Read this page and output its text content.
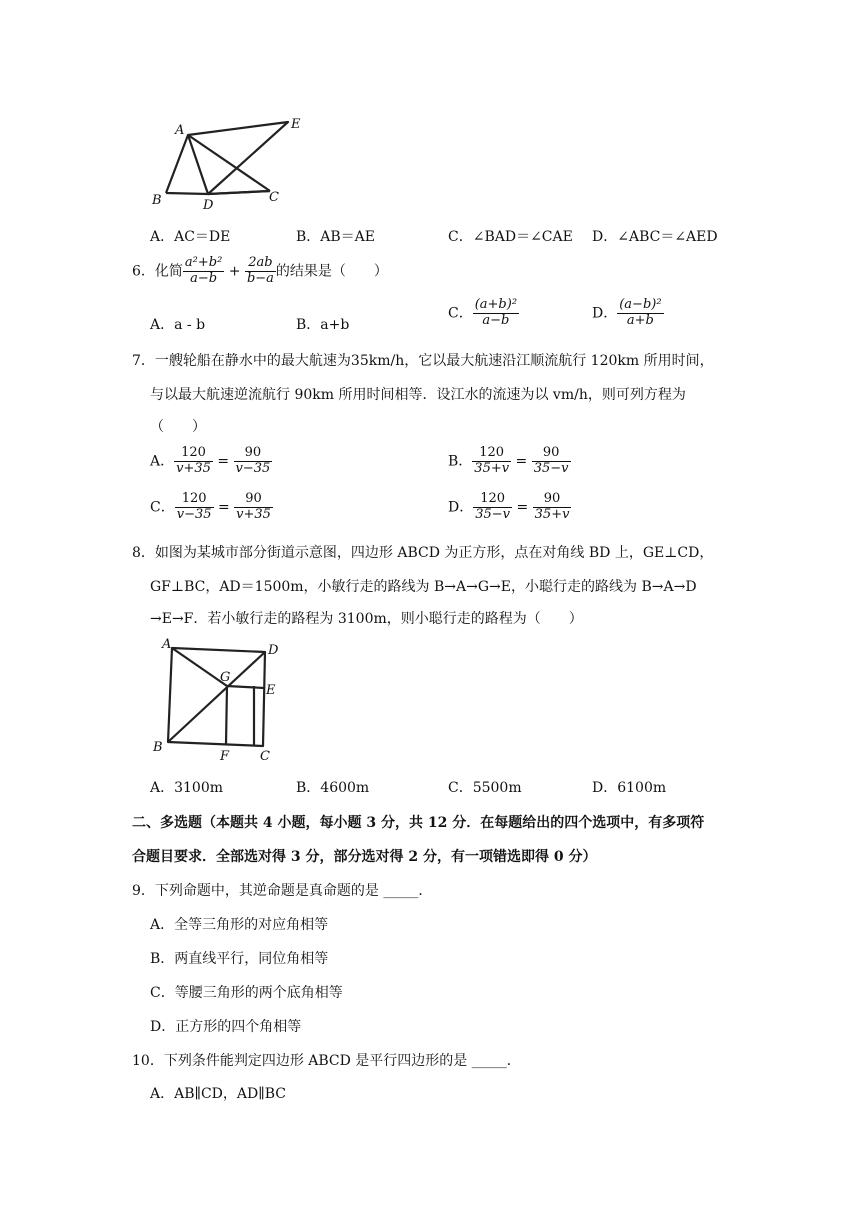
A	E
B	D
C
A．AC＝DE	B．AB＝AE	C．∠BAD＝∠CAE D．∠ABC＝∠AED
6．化简 $\frac{\text{a²+b²}}{a-b} + \frac{2ab}{b-a}$ 的结果是（　　）
A．a - b	B．a+b
C． $\frac{\text{(a+b)²}}{a-b}$	D． $\frac{\text{(a−b)²}}{a+b}$
7．一艘轮船在静水中的最大航速为35km/h，它以最大航速沿江顺流航行 120km 所用时间，
与以最大航速逆流航行 90km 所用时间相等．设江水的流速为以 vm/h，则可列方程为
（　　）
A． $\frac{120}{v+35} = \frac{90}{v-35}$	B． $\frac{120}{35+v} = \frac{90}{35-v}$
C． $\frac{120}{v-35} = \frac{90}{v+35}$	D． $\frac{120}{35-v} = \frac{90}{35+v}$
8．如图为某城市部分街道示意图，四边形 ABCD 为正方形，点在对角线 BD 上，GE⊥CD，
GF⊥BC，AD＝1500m，小敏行走的路线为 B→A→G→E，小聪行走的路线为 B→A→D
→E→F．若小敏行走的路程为 3100m，则小聪行走的路程为（　　）
A	D
G
E
B
F C
A．3100m	B．4600m	C．5500m	D．6100m
二、多选题（本题共 4 小题，每小题 3 分，共 12 分．在每题给出的四个选项中，有多项符
合题目要求．全部选对得 3 分，部分选对得 2 分，有一项错选即得 0 分）
9．下列命题中，其逆命题是真命题的是 _____．
A．全等三角形的对应角相等
B．两直线平行，同位角相等
C．等腰三角形的两个底角相等
D．正方形的四个角相等
10．下列条件能判定四边形 ABCD 是平行四边形的是 _____．
A．AB∥CD，AD∥BC
